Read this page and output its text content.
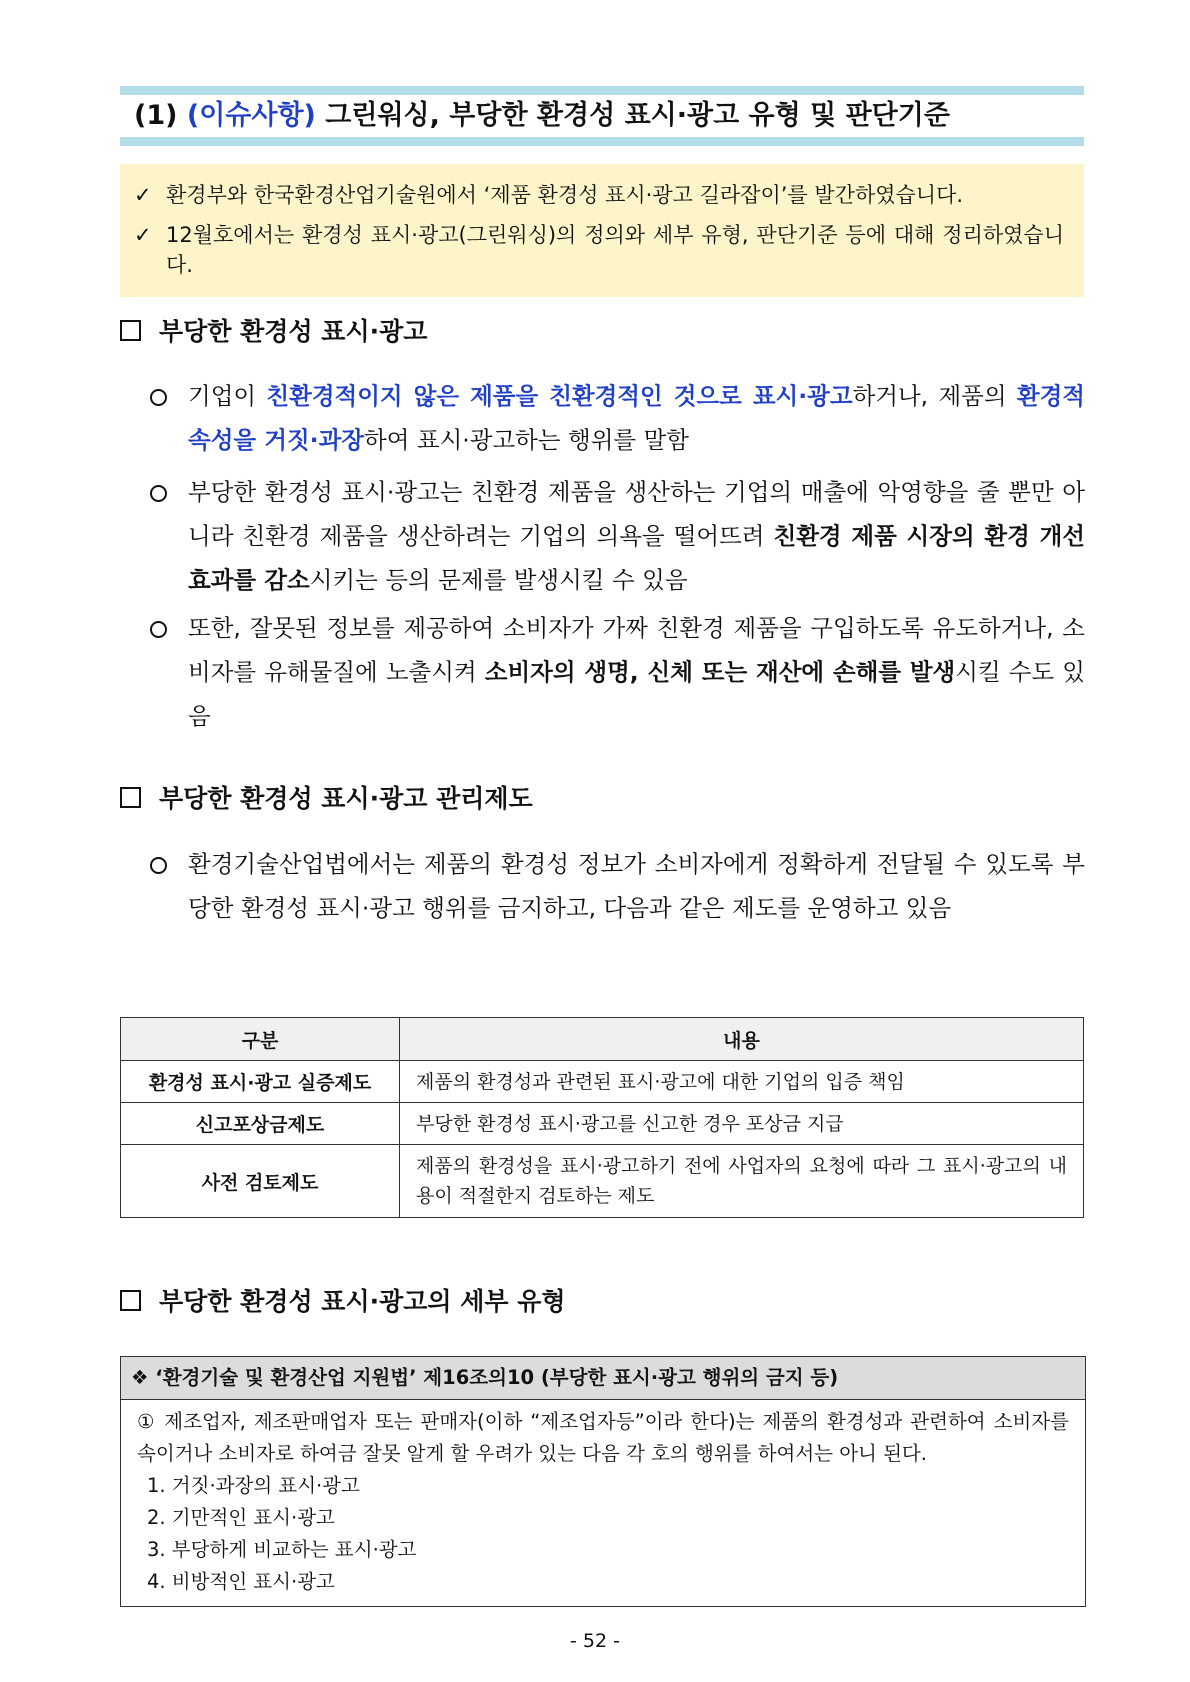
(1) (이슈사항) 그린워싱, 부당한 환경성 표시·광고 유형 및 판단기준
✓ 환경부와 한국환경산업기술원에서 ‘제품 환경성 표시·광고 길라잡이’를 발간하였습니다.
✓ 12월호에서는 환경성 표시·광고(그린워싱)의 정의와 세부 유형, 판단기준 등에 대해 정리하였습니다.
부당한 환경성 표시·광고
기업이 친환경적이지 않은 제품을 친환경적인 것으로 표시·광고하거나, 제품의 환경적 속성을 거짓·과장하여 표시·광고하는 행위를 말함
부당한 환경성 표시·광고는 친환경 제품을 생산하는 기업의 매출에 악영향을 줄 뿐만 아니라 친환경 제품을 생산하려는 기업의 의욕을 떨어뜨려 친환경 제품 시장의 환경 개선 효과를 감소시키는 등의 문제를 발생시킬 수 있음
또한, 잘못된 정보를 제공하여 소비자가 가짜 친환경 제품을 구입하도록 유도하거나, 소비자를 유해물질에 노출시켜 소비자의 생명, 신체 또는 재산에 손해를 발생시킬 수도 있음
부당한 환경성 표시·광고 관리제도
환경기술산업법에서는 제품의 환경성 정보가 소비자에게 정확하게 전달될 수 있도록 부당한 환경성 표시·광고 행위를 금지하고, 다음과 같은 제도를 운영하고 있음
구분	내용
환경성 표시·광고 실증제도	제품의 환경성과 관련된 표시·광고에 대한 기업의 입증 책임
신고포상금제도	부당한 환경성 표시·광고를 신고한 경우 포상금 지급
사전 검토제도	제품의 환경성을 표시·광고하기 전에 사업자의 요청에 따라 그 표시·광고의 내용이 적절한지 검토하는 제도
부당한 환경성 표시·광고의 세부 유형
❖ ‘환경기술 및 환경산업 지원법’ 제16조의10 (부당한 표시·광고 행위의 금지 등)
① 제조업자, 제조판매업자 또는 판매자(이하 “제조업자등”이라 한다)는 제품의 환경성과 관련하여 소비자를 속이거나 소비자로 하여금 잘못 알게 할 우려가 있는 다음 각 호의 행위를 하여서는 아니 된다.
1. 거짓·과장의 표시·광고
2. 기만적인 표시·광고
3. 부당하게 비교하는 표시·광고
4. 비방적인 표시·광고
- 52 -
